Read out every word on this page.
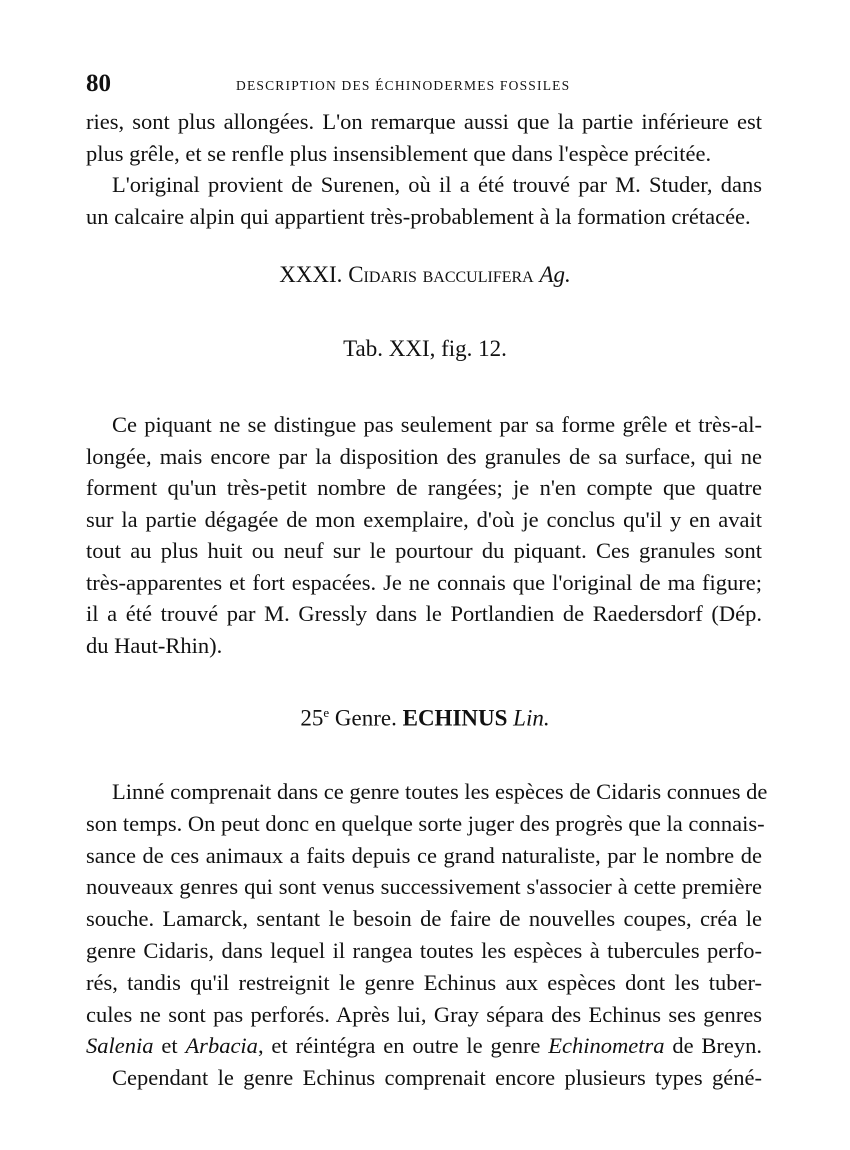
80	DESCRIPTION DES ÉCHINODERMES FOSSILES
ries, sont plus allongées. L'on remarque aussi que la partie inférieure est
plus grêle, et se renfle plus insensiblement que dans l'espèce précitée.
L'original provient de Surenen, où il a été trouvé par M. Studer, dans
un calcaire alpin qui appartient très-probablement à la formation crétacée.

XXXI. Cidaris bacculifera Ag.

Tab. XXI, fig. 12.

Ce piquant ne se distingue pas seulement par sa forme grêle et très-al-
longée, mais encore par la disposition des granules de sa surface, qui ne
forment qu'un très-petit nombre de rangées; je n'en compte que quatre
sur la partie dégagée de mon exemplaire, d'où je conclus qu'il y en avait
tout au plus huit ou neuf sur le pourtour du piquant. Ces granules sont
très-apparentes et fort espacées. Je ne connais que l'original de ma figure;
il a été trouvé par M. Gressly dans le Portlandien de Raedersdorf (Dép.
du Haut-Rhin).

25e Genre. ECHINUS Lin.

Linné comprenait dans ce genre toutes les espèces de Cidaris connues de
son temps. On peut donc en quelque sorte juger des progrès que la connais-
sance de ces animaux a faits depuis ce grand naturaliste, par le nombre de
nouveaux genres qui sont venus successivement s'associer à cette première
souche. Lamarck, sentant le besoin de faire de nouvelles coupes, créa le
genre Cidaris, dans lequel il rangea toutes les espèces à tubercules perfo-
rés, tandis qu'il restreignit le genre Echinus aux espèces dont les tuber-
cules ne sont pas perforés. Après lui, Gray sépara des Echinus ses genres
Salenia et Arbacia, et réintégra en outre le genre Echinometra de Breyn.
Cependant le genre Echinus comprenait encore plusieurs types géné-
